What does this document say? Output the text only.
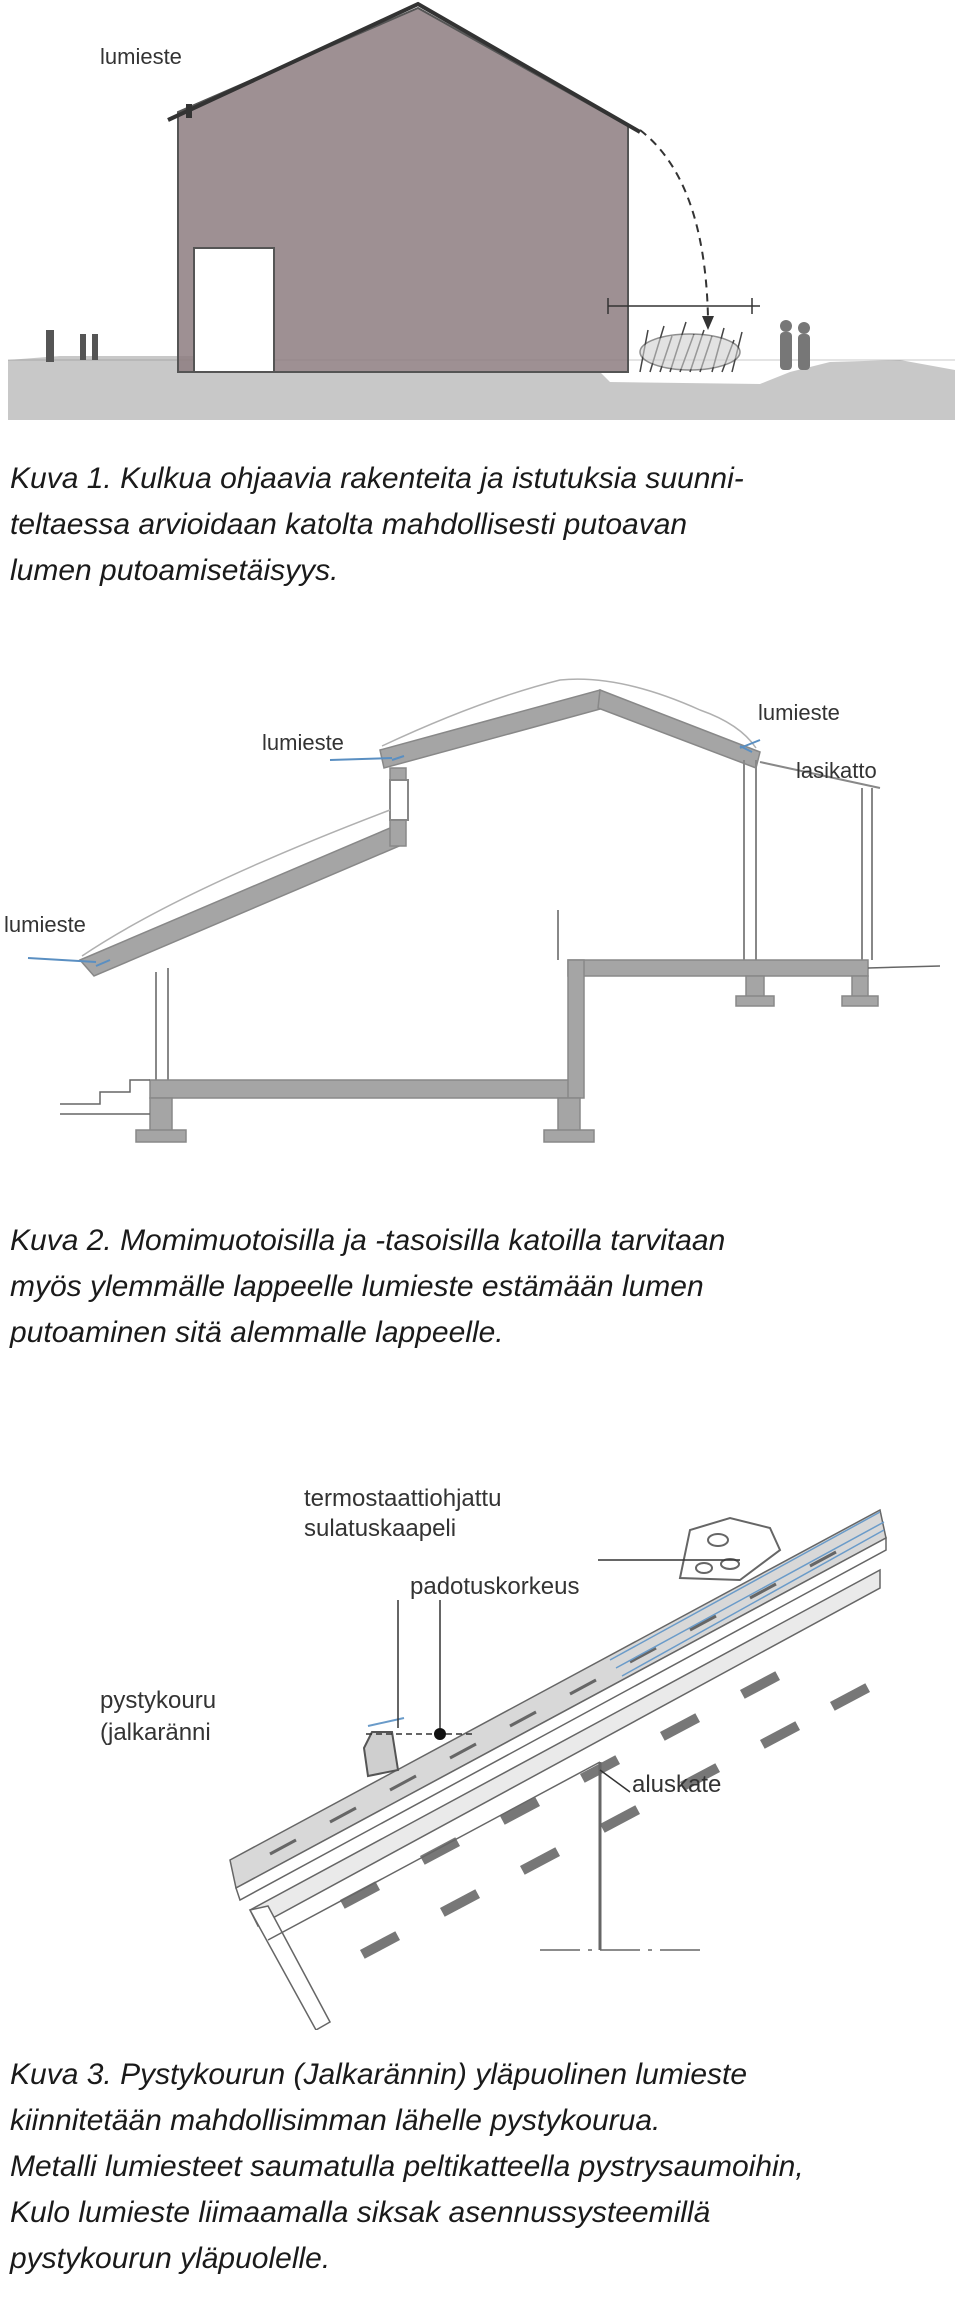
lumieste

Kuva 1. Kulkua ohjaavia rakenteita ja istutuksia suunni-
teltaessa arvioidaan katolta mahdollisesti putoavan
lumen putoamisetäisyys.

lumieste
lumieste
lumieste
lasikatto

Kuva 2. Momimuotoisilla ja -tasoisilla katoilla tarvitaan
myös ylemmälle lappeelle lumieste estämään lumen
putoaminen sitä alemmalle lappeelle.

termostaattiohjattu
sulatuskaapeli
padotuskorkeus
pystykouru
(jalkaränni
aluskate

Kuva 3. Pystykourun (Jalkarännin) yläpuolinen lumieste
kiinnitetään mahdollisimman lähelle pystykourua.
Metalli lumiesteet saumatulla peltikatteella pystrysaumoihin,
Kulo lumieste liimaamalla siksak asennussysteemillä
pystykourun yläpuolelle.
